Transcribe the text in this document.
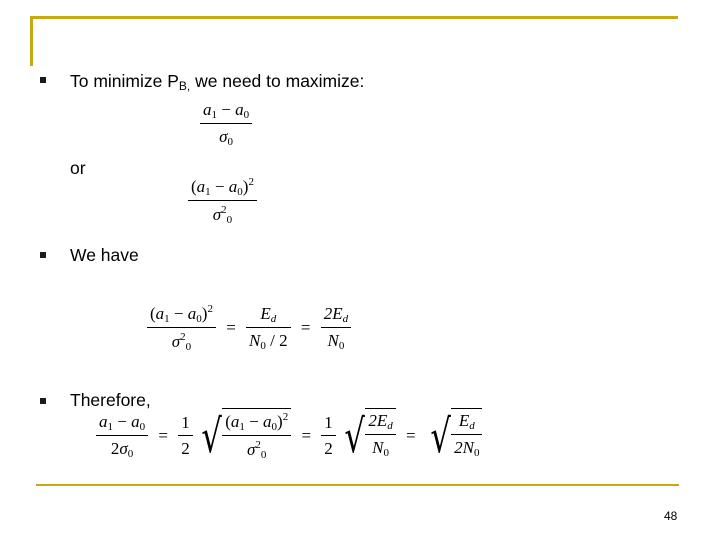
To minimize $P_{B,}$ we need to maximize:
$\frac{a_1 - a_0}{\sigma_0}$
or
$\frac{(a_1 - a_0)^2}{\sigma^2_0}$
We have
$\frac{(a_1 - a_0)^2}{\sigma^2_0} = \frac{E_d}{N_0 / 2} = \frac{2E_d}{N_0}$
Therefore,
$\frac{a_1 - a_0}{2\sigma_0} = \frac{1}{2}$
√ $\frac{(a_1 - a_0)^2}{\sigma^2_0} = \frac{1}{2}$
√ $\frac{2E_d}{N_0}$ = √ $\frac{E_d}{2N_0}$
48
